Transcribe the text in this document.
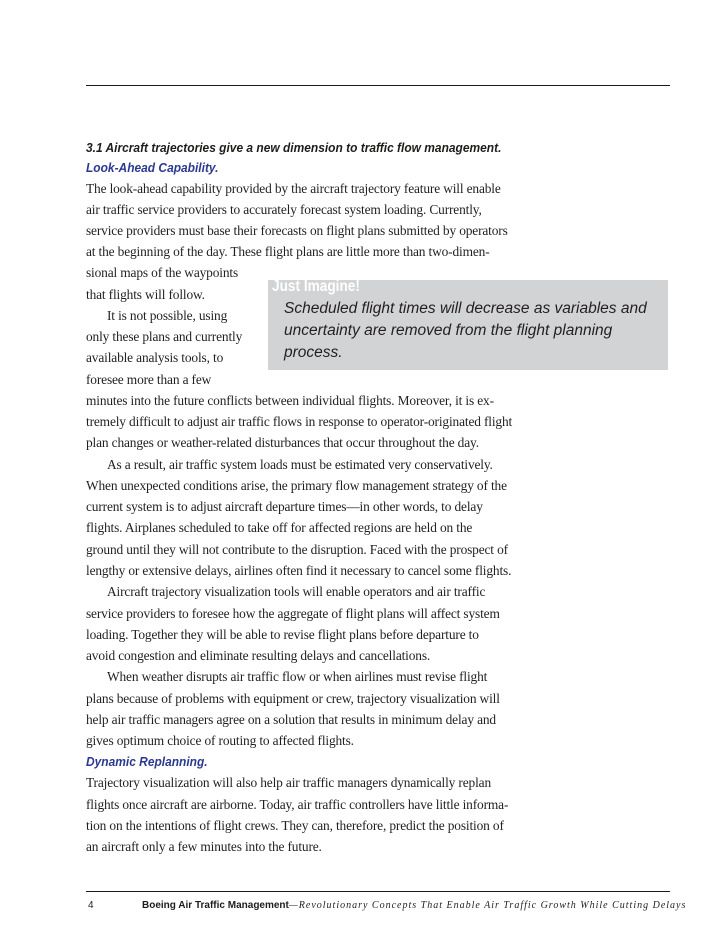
3.1 Aircraft trajectories give a new dimension to traffic flow management.
Look-Ahead Capability.
Just Imagine!
Scheduled flight times will decrease as variables and
uncertainty are removed from the flight planning
process.
The look-ahead capability provided by the aircraft trajectory feature will enable
air traffic service providers to accurately forecast system loading. Currently,
service providers must base their forecasts on flight plans submitted by operators
at the beginning of the day. These flight plans are little more than two-dimen-
sional maps of the waypoints
that flights will follow.
It is not possible, using
only these plans and currently
available analysis tools, to
foresee more than a few
minutes into the future conflicts between individual flights. Moreover, it is ex-
tremely difficult to adjust air traffic flows in response to operator-originated flight
plan changes or weather-related disturbances that occur throughout the day.
As a result, air traffic system loads must be estimated very conservatively.
When unexpected conditions arise, the primary flow management strategy of the
current system is to adjust aircraft departure times—in other words, to delay
flights. Airplanes scheduled to take off for affected regions are held on the
ground until they will not contribute to the disruption. Faced with the prospect of
lengthy or extensive delays, airlines often find it necessary to cancel some flights.
Aircraft trajectory visualization tools will enable operators and air traffic
service providers to foresee how the aggregate of flight plans will affect system
loading. Together they will be able to revise flight plans before departure to
avoid congestion and eliminate resulting delays and cancellations.
When weather disrupts air traffic flow or when airlines must revise flight
plans because of problems with equipment or crew, trajectory visualization will
help air traffic managers agree on a solution that results in minimum delay and
gives optimum choice of routing to affected flights.
Dynamic Replanning.
Trajectory visualization will also help air traffic managers dynamically replan
flights once aircraft are airborne. Today, air traffic controllers have little informa-
tion on the intentions of flight crews. They can, therefore, predict the position of
an aircraft only a few minutes into the future.
4	Boeing Air Traffic Management—Revolutionary Concepts That Enable Air Traffic Growth While Cutting Delays
